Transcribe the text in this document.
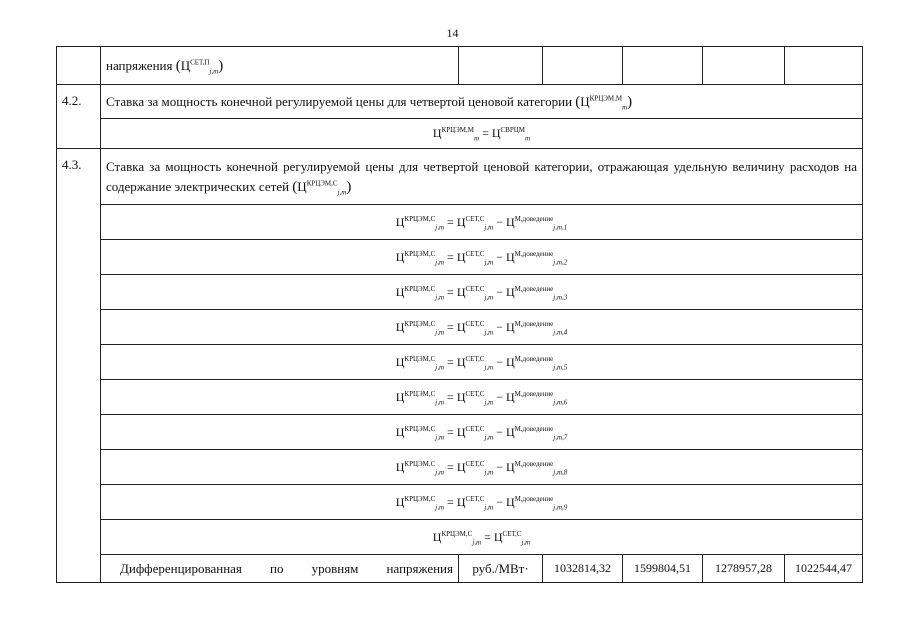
14
	напряжения $(Ц^{СЕТ,П}_{j,m})$					
4.2.	Ставка за мощность конечной регулируемой цены для четвертой ценовой категории $(Ц^{КРЦЭМ,М}_m)$					
	$Ц^{КРЦЭМ,М}_m = Ц^{СВРЦМ}_m$
4.3.	Ставка за мощность конечной регулируемой цены для четвертой ценовой категории, отражающая удельную величину расходов на содержание электрических сетей $(Ц^{КРЦЭМ,С}_{j,m})$					
	$Ц^{КРЦЭМ,C}_{j,m} = Ц^{СЕТ,C}_{j,m} - Ц^{М,доведение}_{j,m,1}$
	$Ц^{КРЦЭМ,C}_{j,m} = Ц^{СЕТ,C}_{j,m} - Ц^{М,доведение}_{j,m,2}$
	$Ц^{КРЦЭМ,C}_{j,m} = Ц^{СЕТ,C}_{j,m} - Ц^{М,доведение}_{j,m,3}$
	$Ц^{КРЦЭМ,C}_{j,m} = Ц^{СЕТ,C}_{j,m} - Ц^{М,доведение}_{j,m,4}$
	$Ц^{КРЦЭМ,C}_{j,m} = Ц^{СЕТ,C}_{j,m} - Ц^{М,доведение}_{j,m,5}$
	$Ц^{КРЦЭМ,C}_{j,m} = Ц^{СЕТ,C}_{j,m} - Ц^{М,доведение}_{j,m,6}$
	$Ц^{КРЦЭМ,C}_{j,m} = Ц^{СЕТ,C}_{j,m} - Ц^{М,доведение}_{j,m,7}$
	$Ц^{КРЦЭМ,C}_{j,m} = Ц^{СЕТ,C}_{j,m} - Ц^{М,доведение}_{j,m,8}$
	$Ц^{КРЦЭМ,C}_{j,m} = Ц^{СЕТ,C}_{j,m} - Ц^{М,доведение}_{j,m,9}$
	$Ц^{КРЦЭМ,C}_{j,m} = Ц^{СЕТ,C}_{j,m}$

	Дифференцированная по уровням напряжения	руб./МВт·	1032814,32	1599804,51	1278957,28	1022544,47
